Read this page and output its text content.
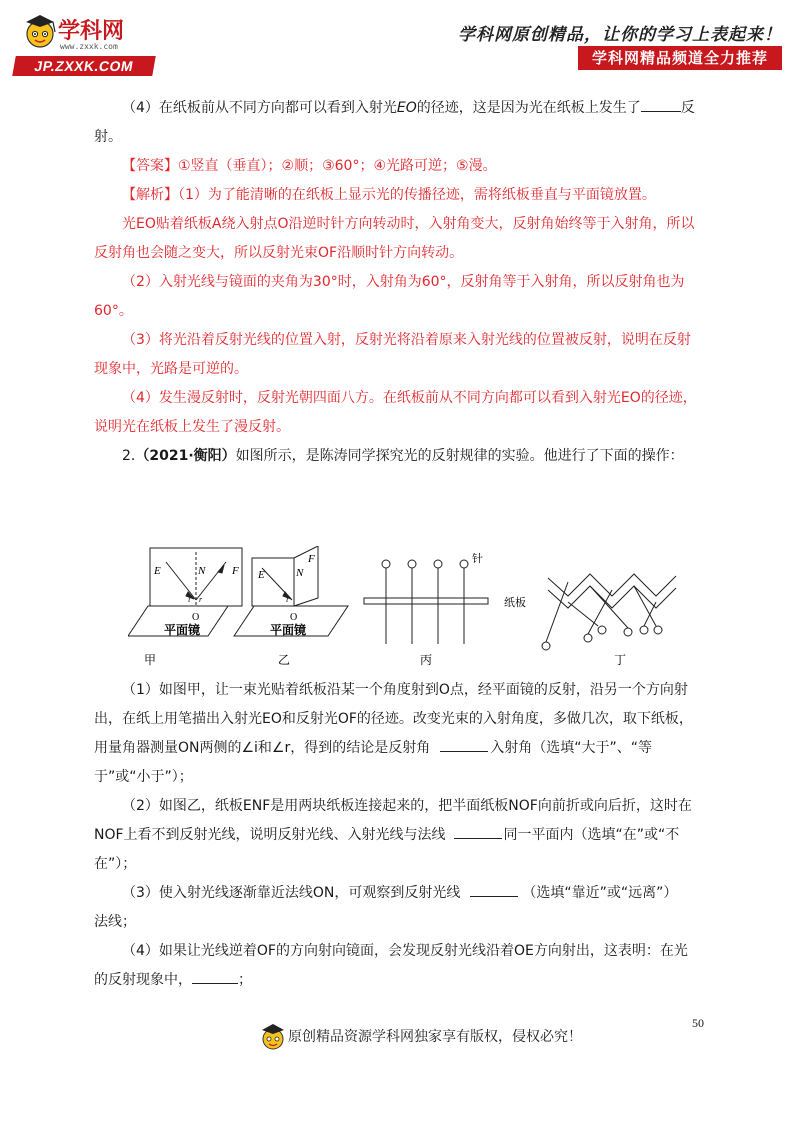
学科网
www.zxxk.com
JP.ZXXK.COM
学科网原创精品，让你的学习上表起来！
学科网精品频道全力推荐

（4）在纸板前从不同方向都可以看到入射光EO的径迹，这是因为光在纸板上发生了	反

射。

【答案】①竖直（垂直）；②顺；③60°；④光路可逆；⑤漫。

【解析】（1）为了能清晰的在纸板上显示光的传播径迹，需将纸板垂直与平面镜放置。

光EO贴着纸板A绕入射点O沿逆时针方向转动时，入射角变大，反射角始终等于入射角，所以

反射角也会随之变大，所以反射光束OF沿顺时针方向转动。

（2）入射光线与镜面的夹角为30°时，入射角为60°，反射角等于入射角，所以反射角也为

60°。

（3）将光沿着反射光线的位置入射，反射光将沿着原来入射光线的位置被反射，说明在反射

现象中，光路是可逆的。

（4）发生漫反射时，反射光朝四面八方。在纸板前从不同方向都可以看到入射光EO的径迹，

说明光在纸板上发生了漫反射。

2.（2021·衡阳）如图所示，是陈涛同学探究光的反射规律的实验。他进行了下面的操作：

E	N F
i r
O
平面镜
甲
E	N
F
i
O
平面镜
乙
针
纸板
丙	丁

（1）如图甲，让一束光贴着纸板沿某一个角度射到O点，经平面镜的反射，沿另一个方向射

出，在纸上用笔描出入射光EO和反射光OF的径迹。改变光束的入射角度，多做几次，取下纸板，

用量角器测量ON两侧的∠i和∠r，得到的结论是反射角	入射角（选填“大于”、“等

于”或“小于”）；

（2）如图乙，纸板ENF是用两块纸板连接起来的，把半面纸板NOF向前折或向后折，这时在

NOF上看不到反射光线，说明反射光线、入射光线与法线	同一平面内（选填“在”或“不

在”）；

（3）使入射光线逐渐靠近法线ON，可观察到反射光线	（选填“靠近”或“远离”）

法线；

（4）如果让光线逆着OF的方向射向镜面，会发现反射光线沿着OE方向射出，这表明：在光

的反射现象中，	；

50
原创精品资源学科网独家享有版权，侵权必究！
